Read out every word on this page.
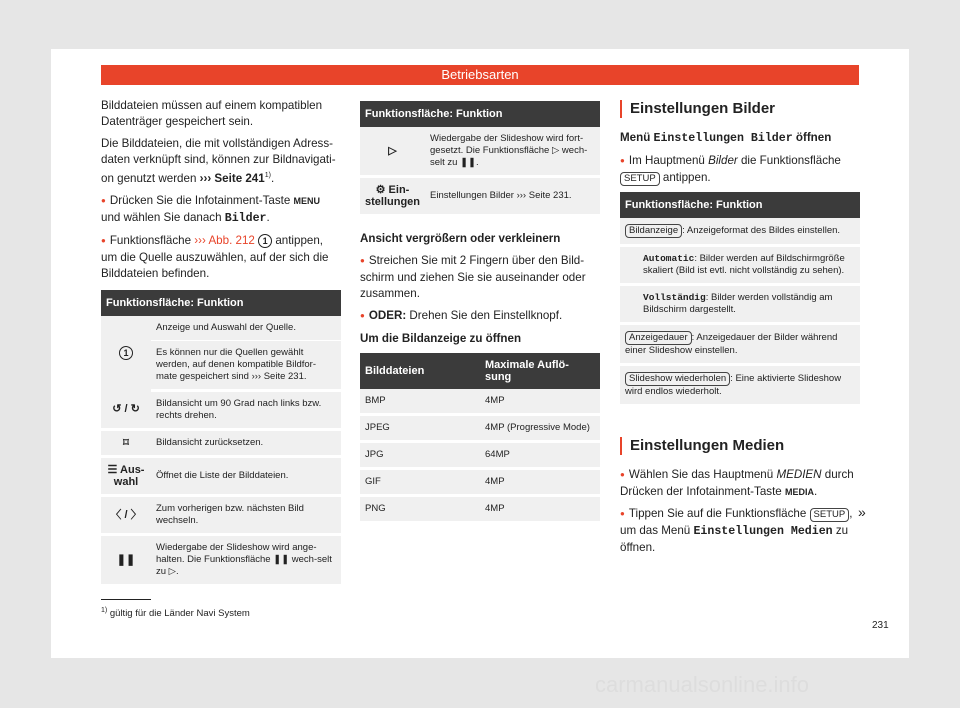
Betriebsarten

Bilddateien müssen auf einem kompatiblen Datenträger gespeichert sein.

Die Bilddateien, die mit vollständigen Adress-daten verknüpft sind, können zur Bildnavigati-on genutzt werden ››› Seite 241$^{1)}$.

● Drücken Sie die Infotainment-Taste MENU und wählen Sie danach Bilder.

● Funktionsfläche ››› Abb. 212 1 antippen, um die Quelle auszuwählen, auf der sich die Bilddateien befinden.

Funktionsfläche: Funktion	
1	Anzeige und Auswahl der Quelle.
	Es können nur die Quellen gewählt werden, auf denen kompatible Bildfor-mate gespeichert sind ››› Seite 231.
↺ / ↻	Bildansicht um 90 Grad nach links bzw. rechts drehen.
⌑	Bildansicht zurücksetzen.
☰ Aus-wahl	Öffnet die Liste der Bilddateien.
〈 / 〉	Zum vorherigen bzw. nächsten Bild wechseln.
❚❚	Wiedergabe der Slideshow wird ange-halten. Die Funktionsfläche ❚❚ wech-selt zu ▷.
Funktionsfläche: Funktion	
▷	Wiedergabe der Slideshow wird fort-gesetzt. Die Funktionsfläche ▷ wech-selt zu ❚❚.
⚙ Ein-stellungen	Einstellungen Bilder ››› Seite 231.

Ansicht vergrößern oder verkleinern

● Streichen Sie mit 2 Fingern über den Bild-schirm und ziehen Sie sie auseinander oder zusammen.

● ODER: Drehen Sie den Einstellknopf.

Um die Bildanzeige zu öffnen

Bilddateien	Maximale Auflö-sung
BMP	4MP
JPEG	4MP (Progressive Mode)
JPG	64MP
GIF	4MP
PNG	4MP
Einstellungen Bilder

Menü Einstellungen Bilder öffnen

● Im Hauptmenü Bilder die Funktionsfläche SETUP antippen.

Funktionsfläche: Funktion	
Bildanzeige : Anzeigeformat des Bildes einstellen.	
	Automatic: Bilder werden auf Bildschirmgröße skaliert (Bild ist evtl. nicht vollständig zu sehen).
	Vollständig: Bilder werden vollständig am Bildschirm dargestellt.
Anzeigedauer : Anzeigedauer der Bilder während einer Slideshow einstellen.	
Slideshow wiederholen : Eine aktivierte Slideshow wird endlos wiederholt.	
Einstellungen Medien

● Wählen Sie das Hauptmenü MEDIEN durch Drücken der Infotainment-Taste MEDIA.

● Tippen Sie auf die Funktionsfläche SETUP , um das Menü Einstellungen Medien zu öffnen.

»
$^{1)}$ gültig für die Länder Navi System
231
carmanualsonline.info
